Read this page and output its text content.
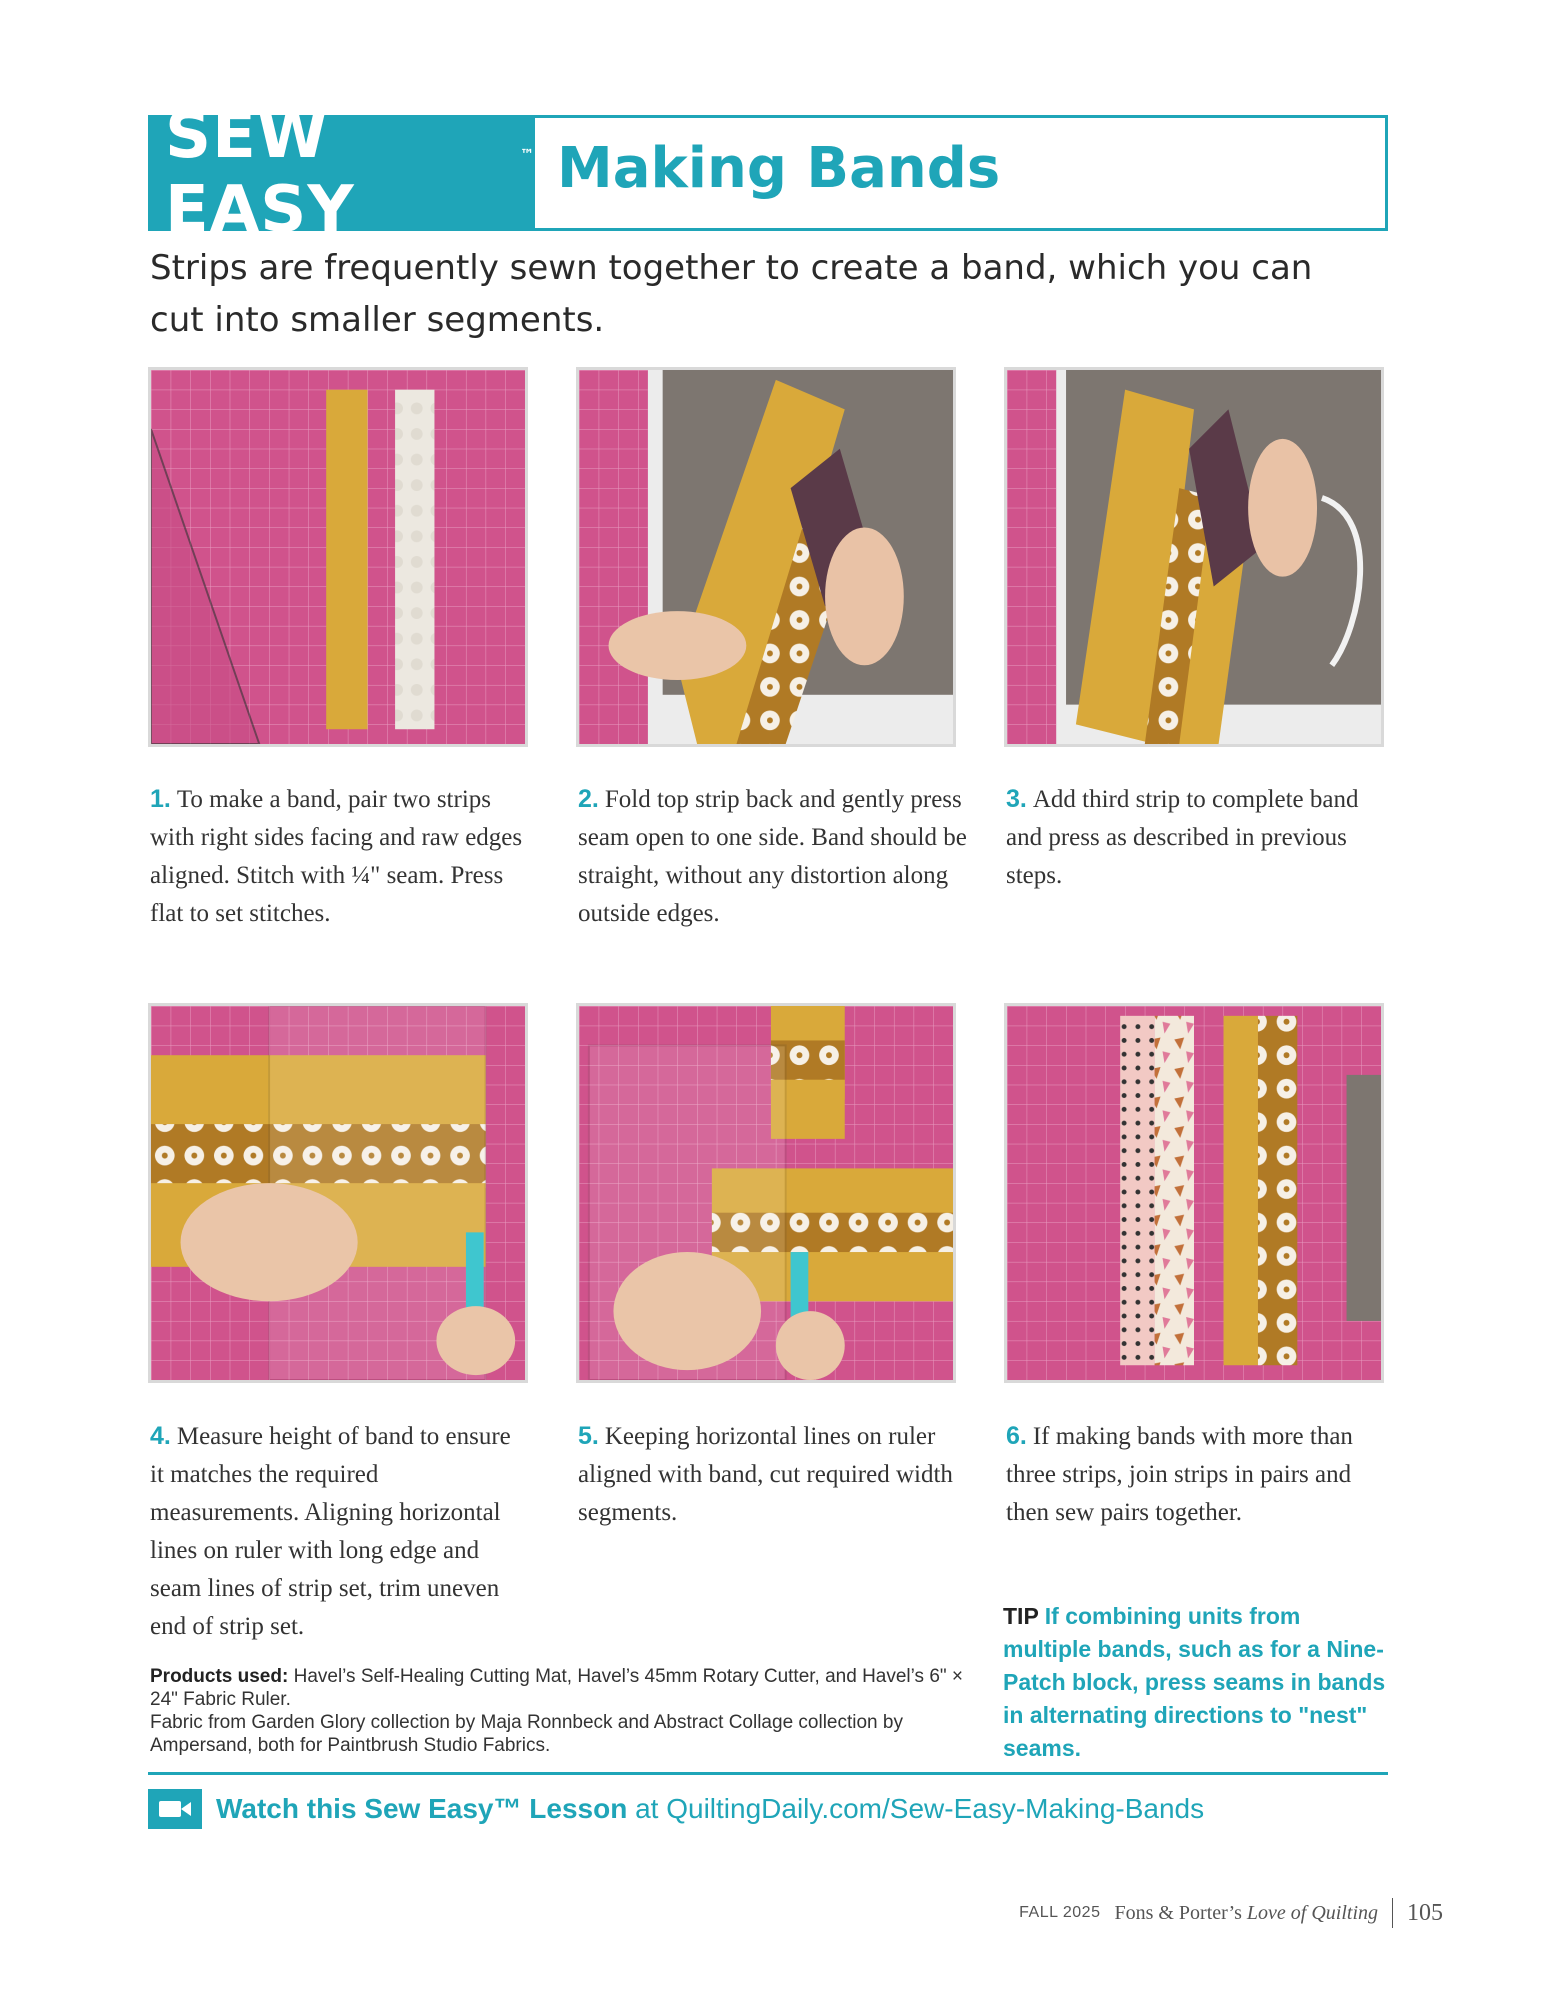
SEW EASY
™ Making Bands
Strips are frequently sewn together to create a band, which you can cut into smaller segments.
1. To make a band, pair two strips with right sides facing and raw edges aligned. Stitch with ¼" seam. Press flat to set stitches.
2. Fold top strip back and gently press seam open to one side. Band should be straight, without any distortion along outside edges.
3. Add third strip to complete band and press as described in previous steps.
4. Measure height of band to ensure it matches the required measurements. Aligning horizontal lines on ruler with long edge and seam lines of strip set, trim uneven end of strip set.
5. Keeping horizontal lines on ruler aligned with band, cut required width segments.
6. If making bands with more than three strips, join strips in pairs and then sew pairs together.
Products used: Havel’s Self-Healing Cutting Mat, Havel’s 45mm Rotary Cutter, and Havel’s 6" × 24" Fabric Ruler.
Fabric from Garden Glory collection by Maja Ronnbeck and Abstract Collage collection by Ampersand, both for Paintbrush Studio Fabrics.
TIP If combining units from multiple bands, such as for a Nine-Patch block, press seams in bands in alternating directions to "nest" seams.
Watch this Sew Easy™ Lesson at QuiltingDaily.com/Sew-Easy-Making-Bands
FALL 2025 Fons & Porter’s Love of Quilting 105
